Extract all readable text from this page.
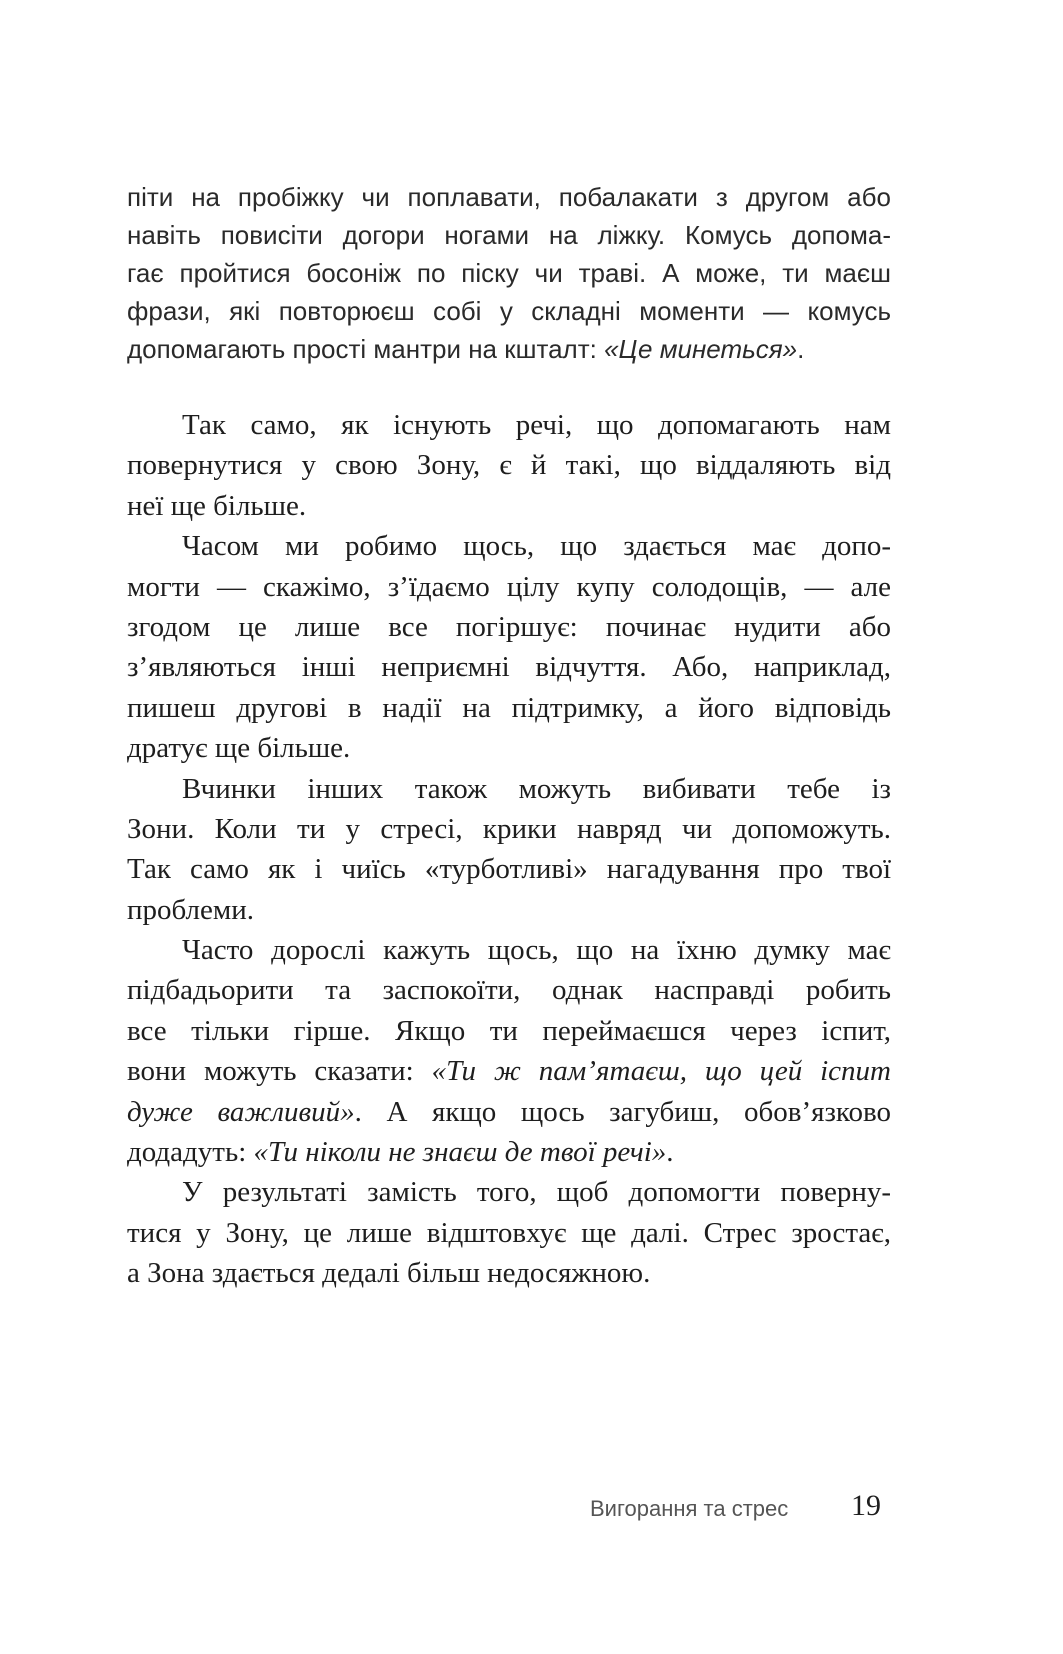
піти на пробіжку чи поплавати, побалакати з другом або
навіть повисіти догори ногами на ліжку. Комусь допома-
гає пройтися босоніж по піску чи траві. А може, ти маєш
фрази, які повторюєш собі у складні моменти — комусь
допомагають прості мантри на кшталт: «Це минеться».
Так само, як існують речі, що допомагають нам
повернутися у свою Зону, є й такі, що віддаляють від
неї ще більше.
Часом ми робимо щось, що здається має допо-
могти — скажімо, з’їдаємо цілу купу солодощів, — але
згодом це лише все погіршує: починає нудити або
з’являються інші неприємні відчуття. Або, наприклад,
пишеш другові в надії на підтримку, а його відповідь
дратує ще більше.
Вчинки інших також можуть вибивати тебе із
Зони. Коли ти у стресі, крики навряд чи допоможуть.
Так само як і чиїсь «турботливі» нагадування про твої
проблеми.
Часто дорослі кажуть щось, що на їхню думку має
підбадьорити та заспокоїти, однак насправді робить
все тільки гірше. Якщо ти переймаєшся через іспит,
вони можуть сказати: «Ти ж пам’ятаєш, що цей іспит
дуже важливий». А якщо щось загубиш, обов’язково
додадуть: «Ти ніколи не знаєш де твої речі».
У результаті замість того, щоб допомогти поверну-
тися у Зону, це лише відштовхує ще далі. Стрес зростає,
а Зона здається дедалі більш недосяжною.
Вигорання та стрес 19
